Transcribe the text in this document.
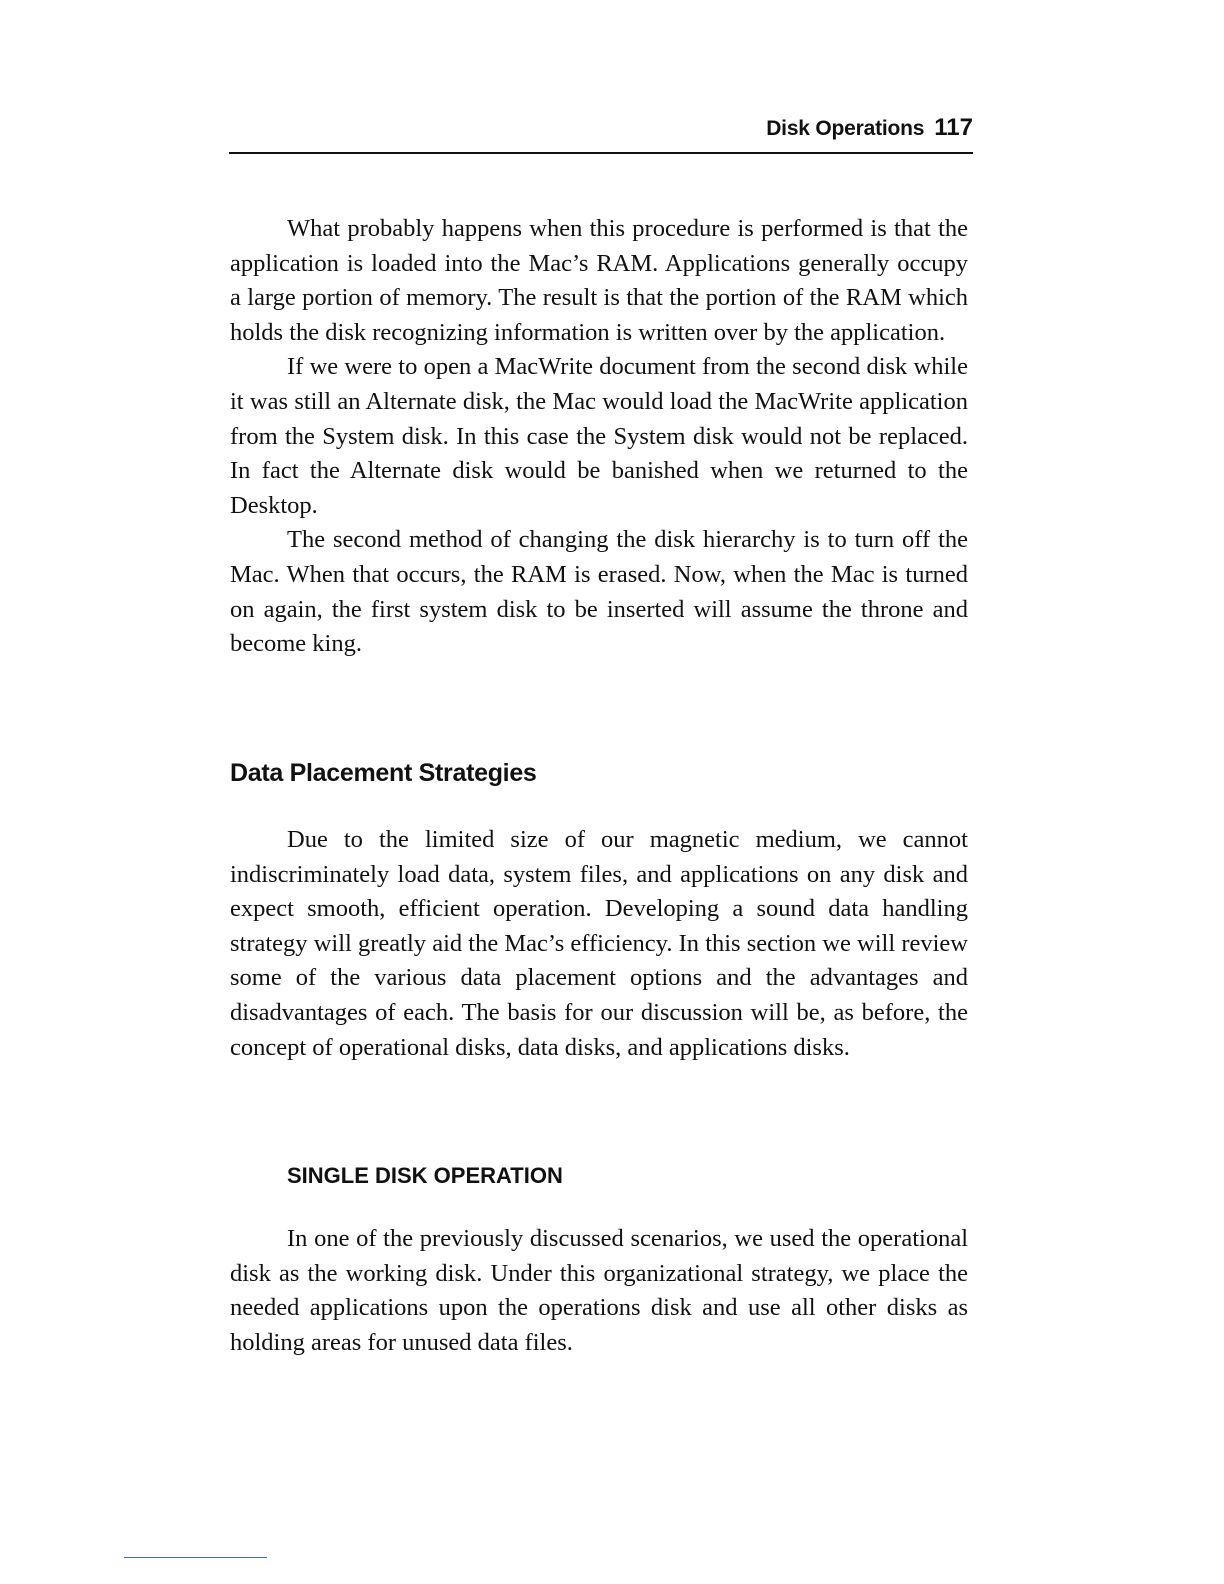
Disk Operations 117

What probably happens when this procedure is performed is that the application is loaded into the Mac’s RAM. Applications generally occupy a large portion of memory. The result is that the portion of the RAM which holds the disk recognizing information is written over by the application.

If we were to open a MacWrite document from the second disk while it was still an Alternate disk, the Mac would load the MacWrite application from the System disk. In this case the System disk would not be replaced. In fact the Alternate disk would be banished when we returned to the Desktop.

The second method of changing the disk hierarchy is to turn off the Mac. When that occurs, the RAM is erased. Now, when the Mac is turned on again, the first system disk to be inserted will assume the throne and become king.

Data Placement Strategies

Due to the limited size of our magnetic medium, we cannot indiscriminately load data, system files, and applications on any disk and expect smooth, efficient operation. Developing a sound data handling strategy will greatly aid the Mac’s efficiency. In this section we will review some of the various data placement options and the advantages and disadvantages of each. The basis for our discussion will be, as before, the concept of operational disks, data disks, and applications disks.

SINGLE DISK OPERATION

In one of the previously discussed scenarios, we used the operational disk as the working disk. Under this organizational strategy, we place the needed applications upon the operations disk and use all other disks as holding areas for unused data files.
